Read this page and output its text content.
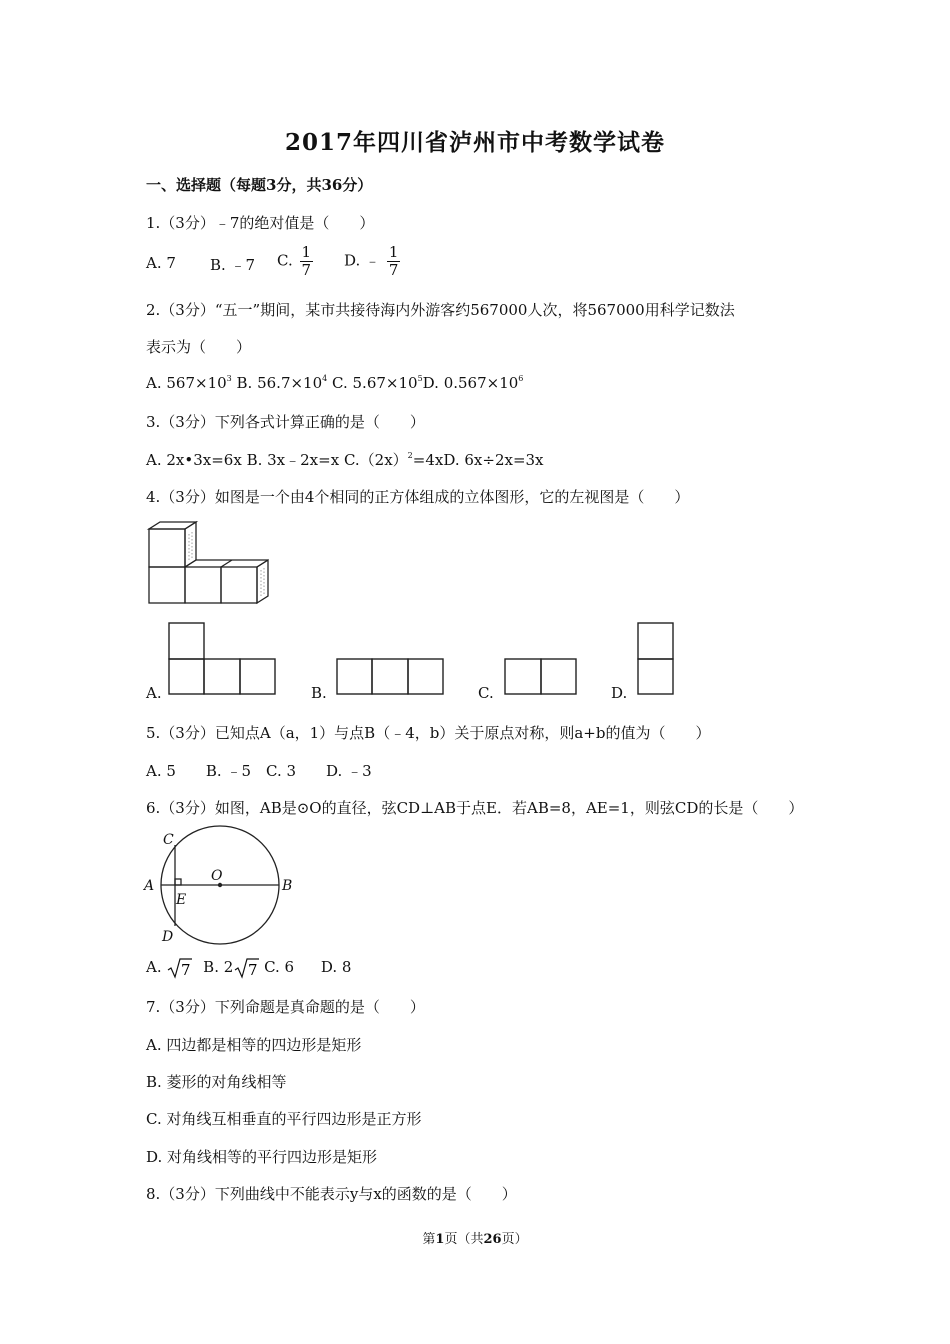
2017年四川省泸州市中考数学试卷
一、选择题（每题3分，共36分）
1.（3分）﹣7的绝对值是（　　）
A. 7 B. ﹣7 C. $\frac{1}{7} D$. ﹣ $\frac{1}{7}$
2.（3分）“五一”期间，某市共接待海内外游客约567000人次，将567000用科学记数法
表示为（　　）
A. $567\times 10^3$ B. $56.7\times 10^4$ C. $5.67\times 10^5D$. $0.567\times 10^6$
3.（3分）下列各式计算正确的是（　　）
A. 2x•3x=6x B. 3x﹣2x=x $C.(2x)^2=4xD$. 6x÷2x=3x
4.（3分）如图是一个由4个相同的正方体组成的立体图形，它的左视图是（　　）
A.	B.	C.	D.
5.（3分）已知点A（a，1）与点B（﹣4，b）关于原点对称，则a+b的值为（　　）
A. 5　　B. ﹣5　C. 3　　D. ﹣3
6.（3分）如图，AB是⊙O的直径，弦CD⊥AB于点E．若AB=8，AE=1，则弦CD的长是（　　）
C
A
O
B
E
D
A. 7 B. 2 7 C. 6 D. 8
7.（3分）下列命题是真命题的是（　　）
A. 四边都是相等的四边形是矩形
B. 菱形的对角线相等
C. 对角线互相垂直的平行四边形是正方形
D. 对角线相等的平行四边形是矩形
8.（3分）下列曲线中不能表示y与x的函数的是（　　）
第1页（共26页）
